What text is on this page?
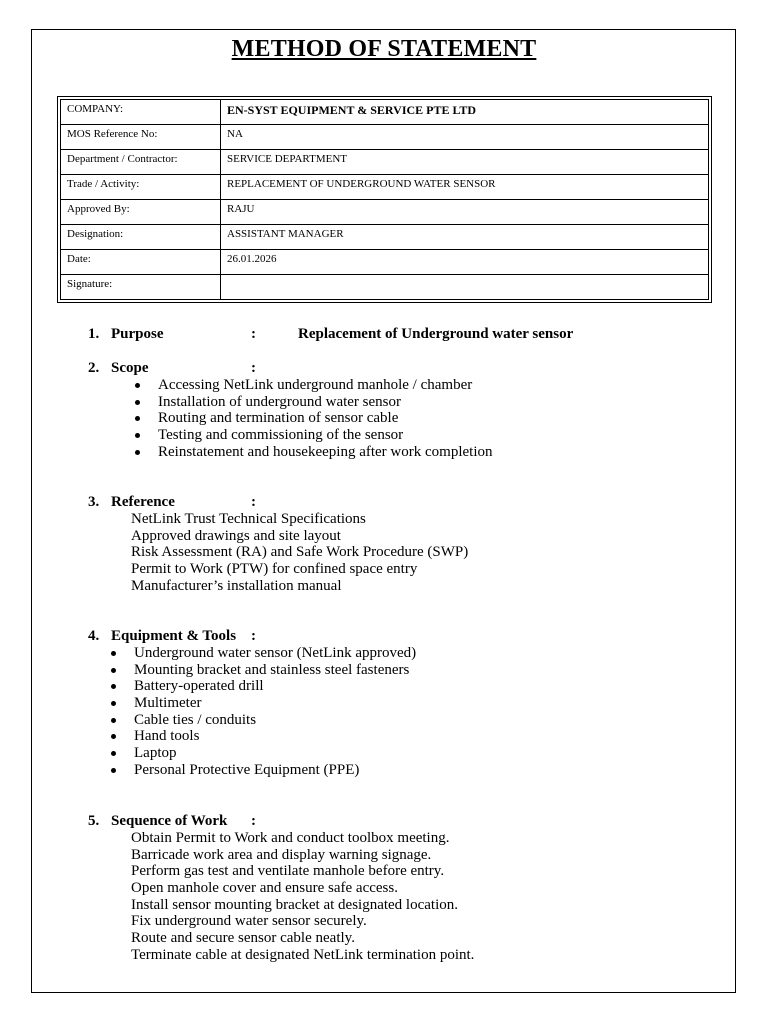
METHOD OF STATEMENT
COMPANY:	EN-SYST EQUIPMENT & SERVICE PTE LTD
MOS Reference No:	NA
Department / Contractor:	SERVICE DEPARTMENT
Trade / Activity:	REPLACEMENT OF UNDERGROUND WATER SENSOR
Approved By:	RAJU
Designation:	ASSISTANT MANAGER
Date:	26.01.2026
Signature:	
1. Purpose	:	Replacement of Underground water sensor
2. Scope	:
Accessing NetLink underground manhole / chamber
Installation of underground water sensor
Routing and termination of sensor cable
Testing and commissioning of the sensor
Reinstatement and housekeeping after work completion
3. Reference	:
NetLink Trust Technical Specifications
Approved drawings and site layout
Risk Assessment (RA) and Safe Work Procedure (SWP)
Permit to Work (PTW) for confined space entry
Manufacturer’s installation manual
4. Equipment & Tools :
Underground water sensor (NetLink approved)
Mounting bracket and stainless steel fasteners
Battery-operated drill
Multimeter
Cable ties / conduits
Hand tools
Laptop
Personal Protective Equipment (PPE)
5. Sequence of Work :
Obtain Permit to Work and conduct toolbox meeting.
Barricade work area and display warning signage.
Perform gas test and ventilate manhole before entry.
Open manhole cover and ensure safe access.
Install sensor mounting bracket at designated location.
Fix underground water sensor securely.
Route and secure sensor cable neatly.
Terminate cable at designated NetLink termination point.
